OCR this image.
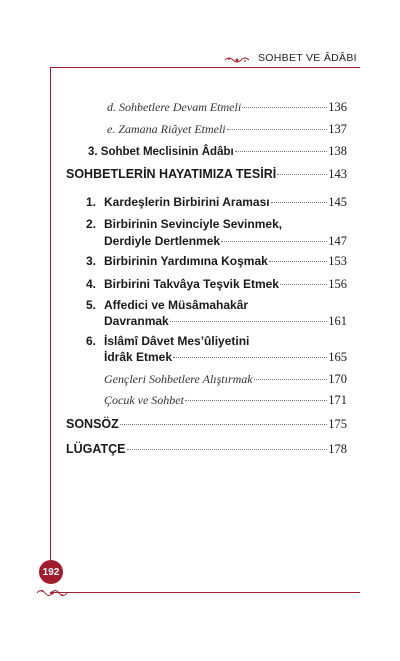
SOHBET VE ÂDÂBI
d. Sohbetlere Devam Etmeli	136
e. Zamana Riâyet Etmeli	137
3. Sohbet Meclisinin Âdâbı	138
SOHBETLERİN HAYATIMIZA TESİRİ	143
1. Kardeşlerin Birbirini Araması	145
2. Birbirinin Sevinciyle Sevinmek,
Derdiyle Dertlenmek	147
3. Birbirinin Yardımına Koşmak	153
4. Birbirini Takvâya Teşvik Etmek	156
5. Affedici ve Müsâmahakâr
Davranmak	161
6. İslâmî Dâvet Mes’ûliyetini
İdrâk Etmek	165
Gençleri Sohbetlere Alıştırmak	170
Çocuk ve Sohbet	171
SONSÖZ	175
LÜGATÇE	178
192
